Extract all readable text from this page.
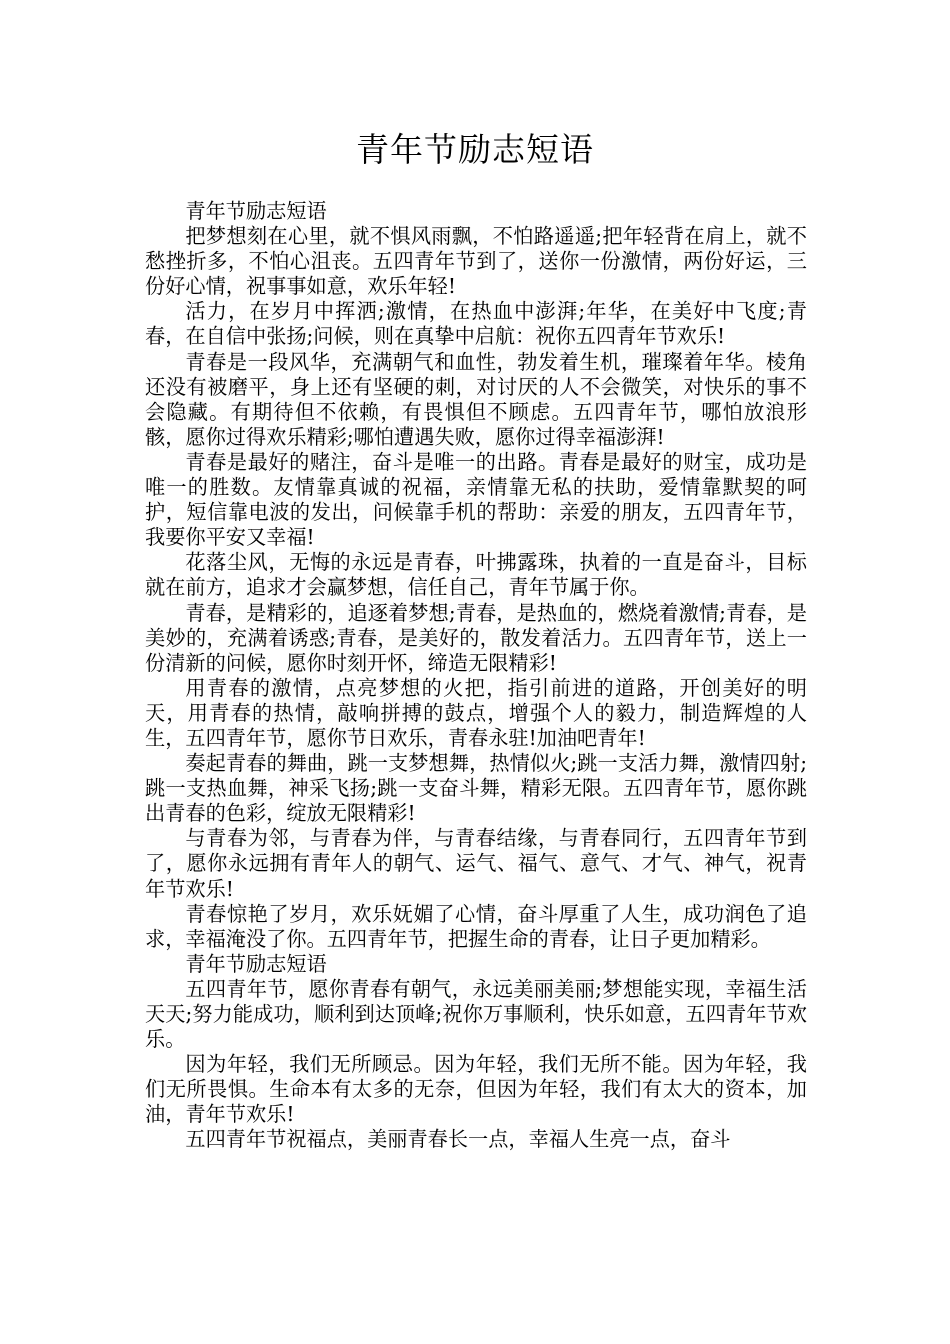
青年节励志短语

青年节励志短语

把梦想刻在心里，就不惧风雨飘，不怕路遥遥;把年轻背在肩上，就不愁挫折多，不怕心沮丧。五四青年节到了，送你一份激情，两份好运，三份好心情，祝事事如意，欢乐年轻!

活力，在岁月中挥洒;激情，在热血中澎湃;年华，在美好中飞度;青春，在自信中张扬;问候，则在真挚中启航：祝你五四青年节欢乐!

青春是一段风华，充满朝气和血性，勃发着生机，璀璨着年华。棱角还没有被磨平，身上还有坚硬的刺，对讨厌的人不会微笑，对快乐的事不会隐藏。有期待但不依赖，有畏惧但不顾虑。五四青年节，哪怕放浪形骸，愿你过得欢乐精彩;哪怕遭遇失败，愿你过得幸福澎湃!

青春是最好的赌注，奋斗是唯一的出路。青春是最好的财宝，成功是唯一的胜数。友情靠真诚的祝福，亲情靠无私的扶助，爱情靠默契的呵护，短信靠电波的发出，问候靠手机的帮助：亲爱的朋友，五四青年节，我要你平安又幸福!

花落尘风，无悔的永远是青春，叶拂露珠，执着的一直是奋斗，目标就在前方，追求才会赢梦想，信任自己，青年节属于你。

青春，是精彩的，追逐着梦想;青春，是热血的，燃烧着激情;青春，是美妙的，充满着诱惑;青春，是美好的，散发着活力。五四青年节，送上一份清新的问候，愿你时刻开怀，缔造无限精彩!

用青春的激情，点亮梦想的火把，指引前进的道路，开创美好的明天，用青春的热情，敲响拼搏的鼓点，增强个人的毅力，制造辉煌的人生，五四青年节，愿你节日欢乐，青春永驻!加油吧青年!

奏起青春的舞曲，跳一支梦想舞，热情似火;跳一支活力舞，激情四射;跳一支热血舞，神采飞扬;跳一支奋斗舞，精彩无限。五四青年节，愿你跳出青春的色彩，绽放无限精彩!

与青春为邻，与青春为伴，与青春结缘，与青春同行，五四青年节到了，愿你永远拥有青年人的朝气、运气、福气、意气、才气、神气，祝青年节欢乐!

青春惊艳了岁月，欢乐妩媚了心情，奋斗厚重了人生，成功润色了追求，幸福淹没了你。五四青年节，把握生命的青春，让日子更加精彩。

青年节励志短语

五四青年节，愿你青春有朝气，永远美丽美丽;梦想能实现，幸福生活天天;努力能成功，顺利到达顶峰;祝你万事顺利，快乐如意，五四青年节欢乐。

因为年轻，我们无所顾忌。因为年轻，我们无所不能。因为年轻，我们无所畏惧。生命本有太多的无奈，但因为年轻，我们有太大的资本，加油，青年节欢乐!

五四青年节祝福点，美丽青春长一点，幸福人生亮一点，奋斗
